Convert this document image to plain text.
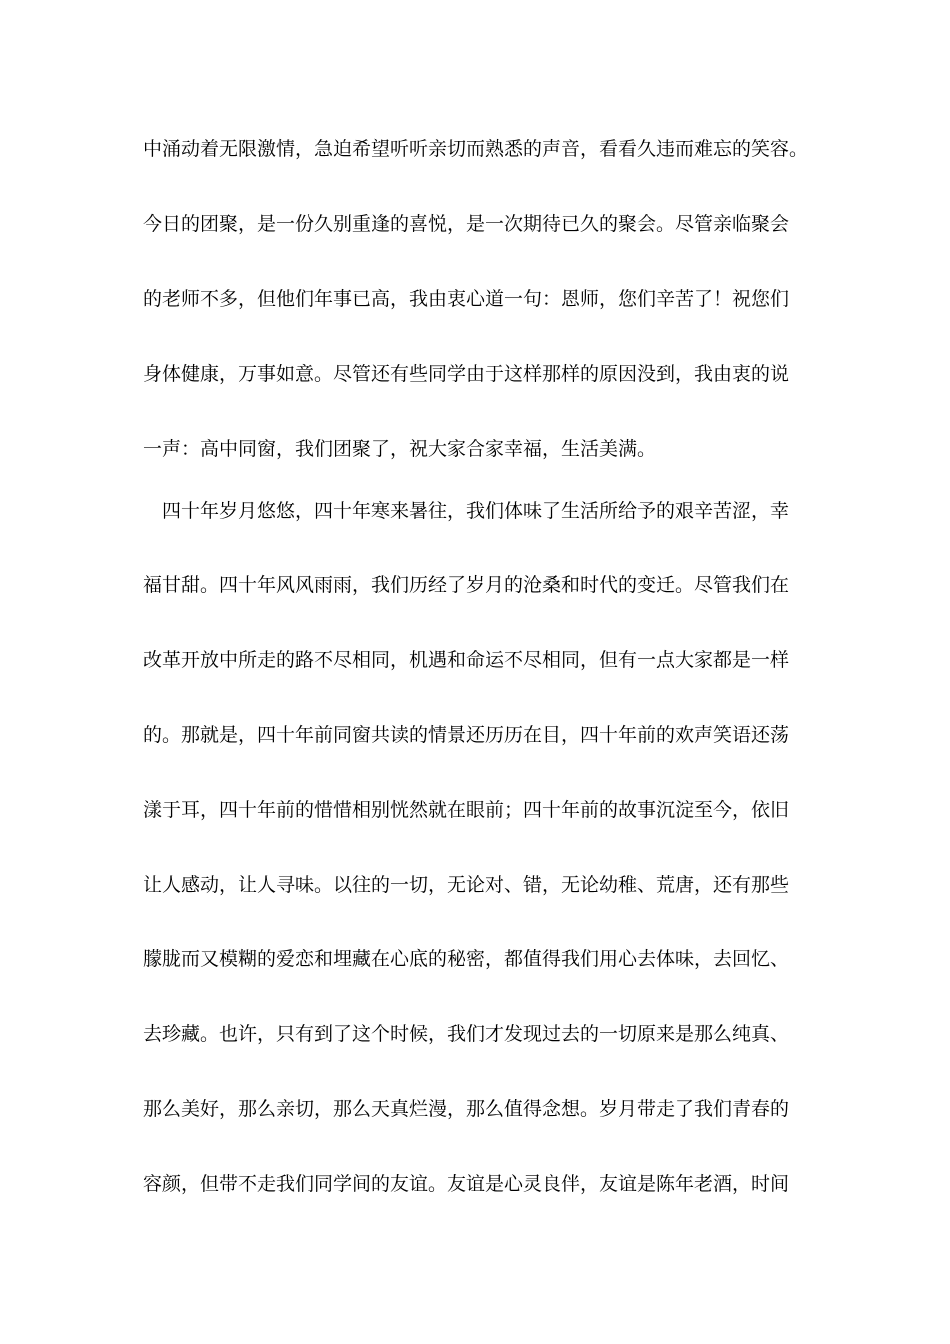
中涌动着无限激情，急迫希望听听亲切而熟悉的声音，看看久违而难忘的笑容。
今日的团聚，是一份久别重逢的喜悦，是一次期待已久的聚会。尽管亲临聚会
的老师不多，但他们年事已高，我由衷心道一句：恩师，您们辛苦了！祝您们
身体健康，万事如意。尽管还有些同学由于这样那样的原因没到，我由衷的说
一声：高中同窗，我们团聚了，祝大家合家幸福，生活美满。
四十年岁月悠悠，四十年寒来暑往，我们体味了生活所给予的艰辛苦涩，幸
福甘甜。四十年风风雨雨，我们历经了岁月的沧桑和时代的变迁。尽管我们在
改革开放中所走的路不尽相同，机遇和命运不尽相同，但有一点大家都是一样
的。那就是，四十年前同窗共读的情景还历历在目，四十年前的欢声笑语还荡
漾于耳，四十年前的惜惜相别恍然就在眼前；四十年前的故事沉淀至今，依旧
让人感动，让人寻味。以往的一切，无论对、错，无论幼稚、荒唐，还有那些
朦胧而又模糊的爱恋和埋藏在心底的秘密，都值得我们用心去体味，去回忆、
去珍藏。也许，只有到了这个时候，我们才发现过去的一切原来是那么纯真、
那么美好，那么亲切，那么天真烂漫，那么值得念想。岁月带走了我们青春的
容颜，但带不走我们同学间的友谊。友谊是心灵良伴，友谊是陈年老酒，时间
